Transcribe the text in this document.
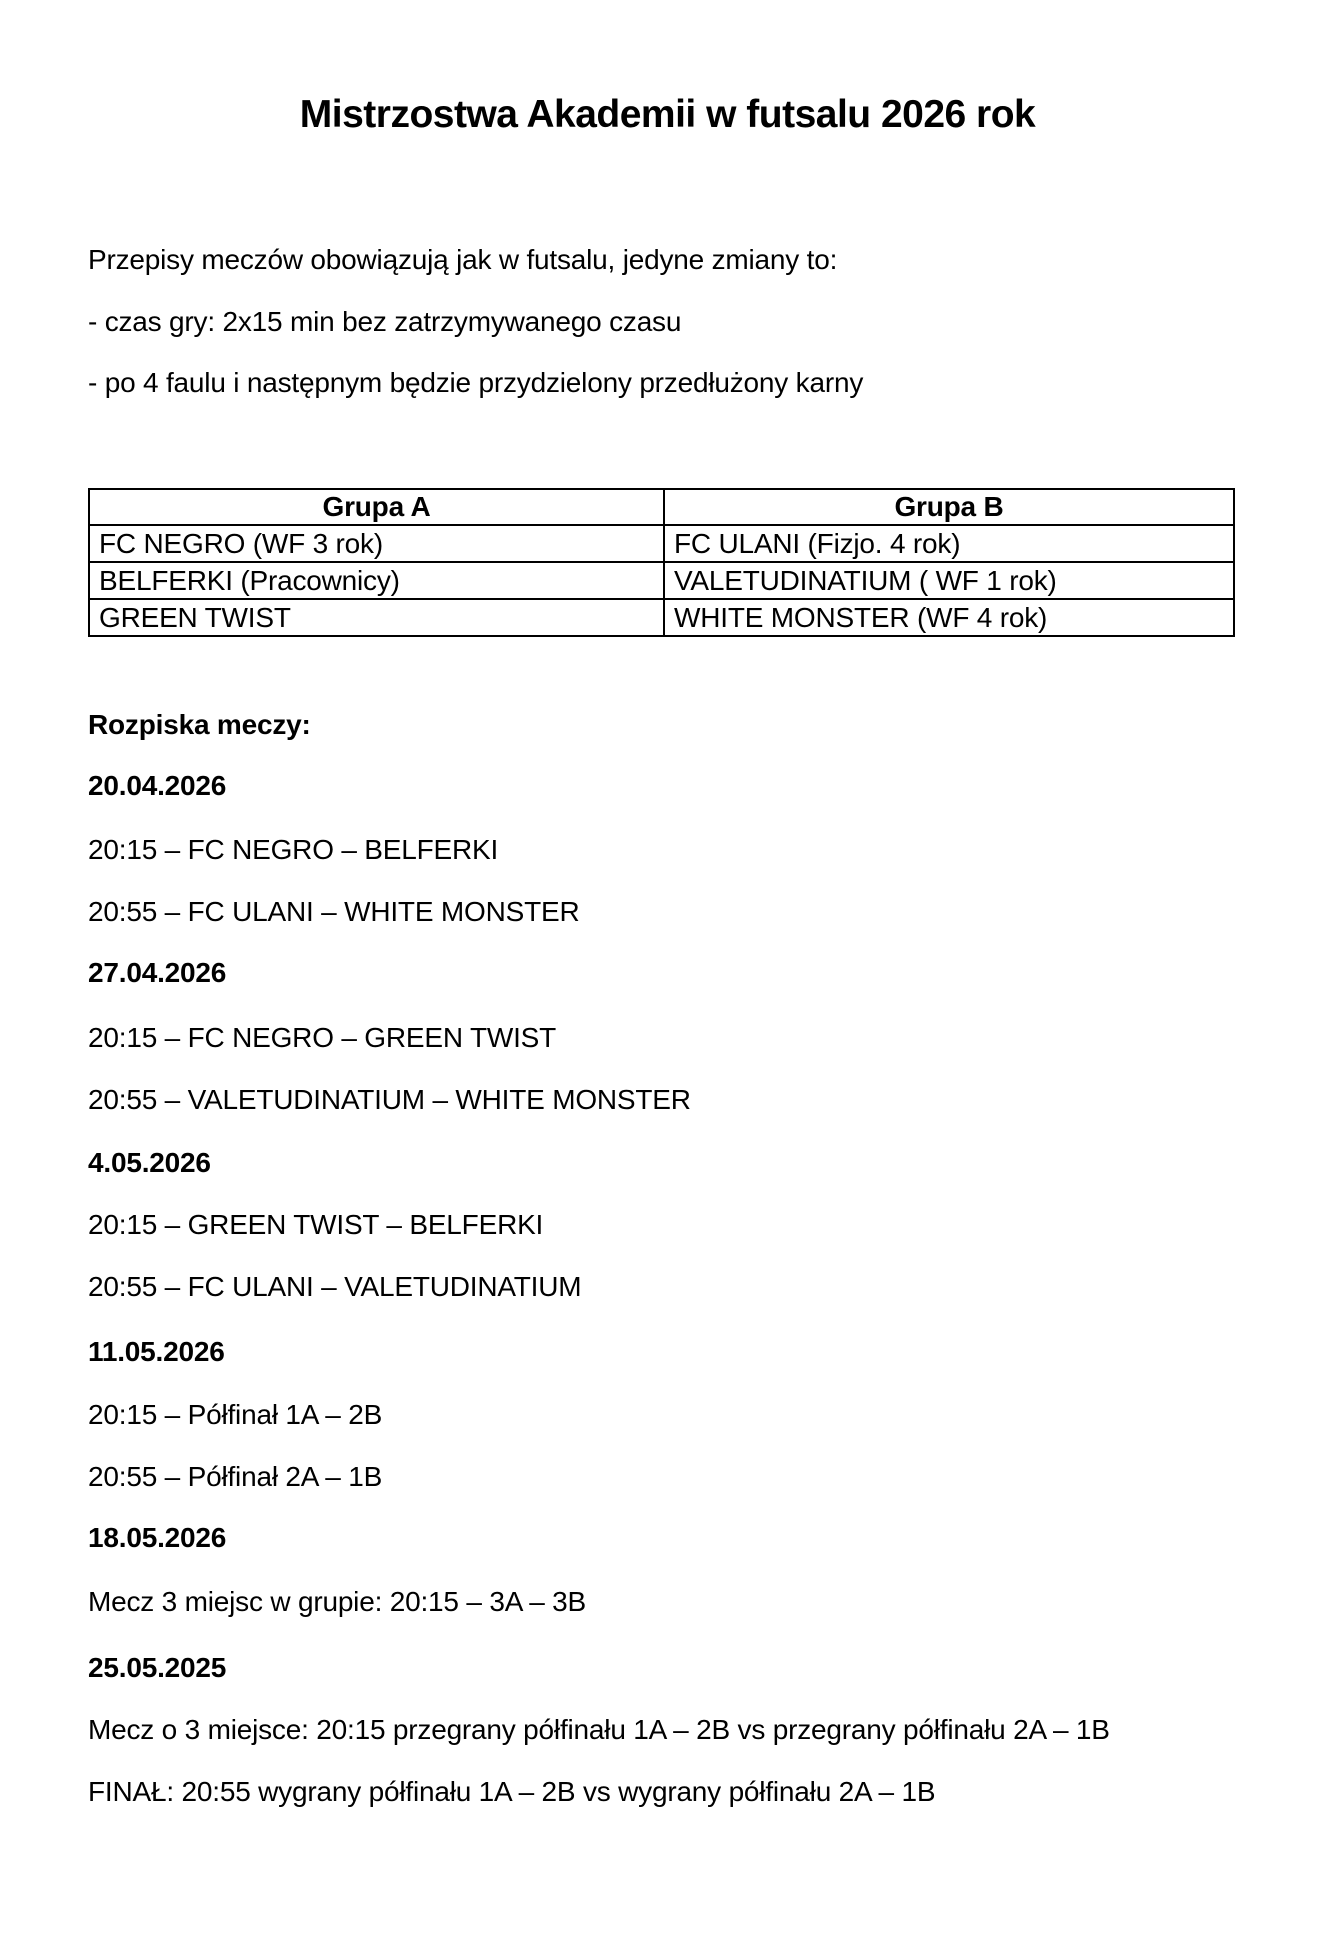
Mistrzostwa Akademii w futsalu 2026 rok
Przepisy meczów obowiązują jak w futsalu, jedyne zmiany to:
- czas gry: 2x15 min bez zatrzymywanego czasu
- po 4 faulu i następnym będzie przydzielony przedłużony karny
Grupa A	Grupa B
FC NEGRO (WF 3 rok)	FC ULANI (Fizjo. 4 rok)
BELFERKI (Pracownicy)	VALETUDINATIUM ( WF 1 rok)
GREEN TWIST	WHITE MONSTER (WF 4 rok)
Rozpiska meczy:
20.04.2026
20:15 – FC NEGRO – BELFERKI
20:55 – FC ULANI – WHITE MONSTER
27.04.2026
20:15 – FC NEGRO – GREEN TWIST
20:55 – VALETUDINATIUM – WHITE MONSTER
4.05.2026
20:15 – GREEN TWIST – BELFERKI
20:55 – FC ULANI – VALETUDINATIUM
11.05.2026
20:15 – Półfinał 1A – 2B
20:55 – Półfinał 2A – 1B
18.05.2026
Mecz 3 miejsc w grupie: 20:15 – 3A – 3B
25.05.2025
Mecz o 3 miejsce: 20:15 przegrany półfinału 1A – 2B vs przegrany półfinału 2A – 1B
FINAŁ: 20:55 wygrany półfinału 1A – 2B vs wygrany półfinału 2A – 1B
